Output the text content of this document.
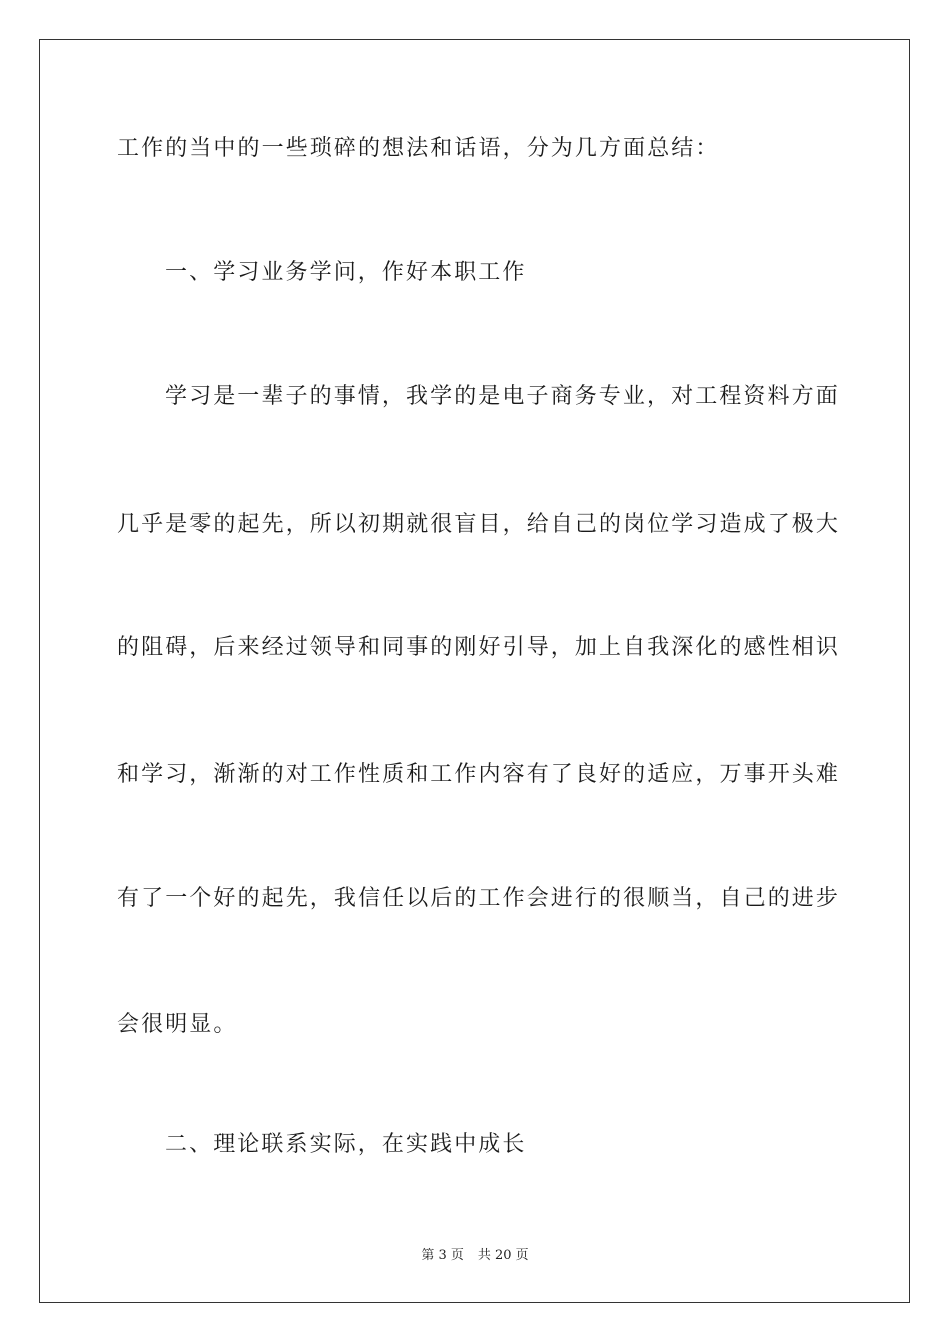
工作的当中的一些琐碎的想法和话语，分为几方面总结：
一、学习业务学问，作好本职工作
学习是一辈子的事情，我学的是电子商务专业，对工程资料方面
几乎是零的起先，所以初期就很盲目，给自己的岗位学习造成了极大
的阻碍，后来经过领导和同事的刚好引导，加上自我深化的感性相识
和学习，渐渐的对工作性质和工作内容有了良好的适应，万事开头难
有了一个好的起先，我信任以后的工作会进行的很顺当，自己的进步
会很明显。
二、理论联系实际，在实践中成长
第 3 页 共 20 页
